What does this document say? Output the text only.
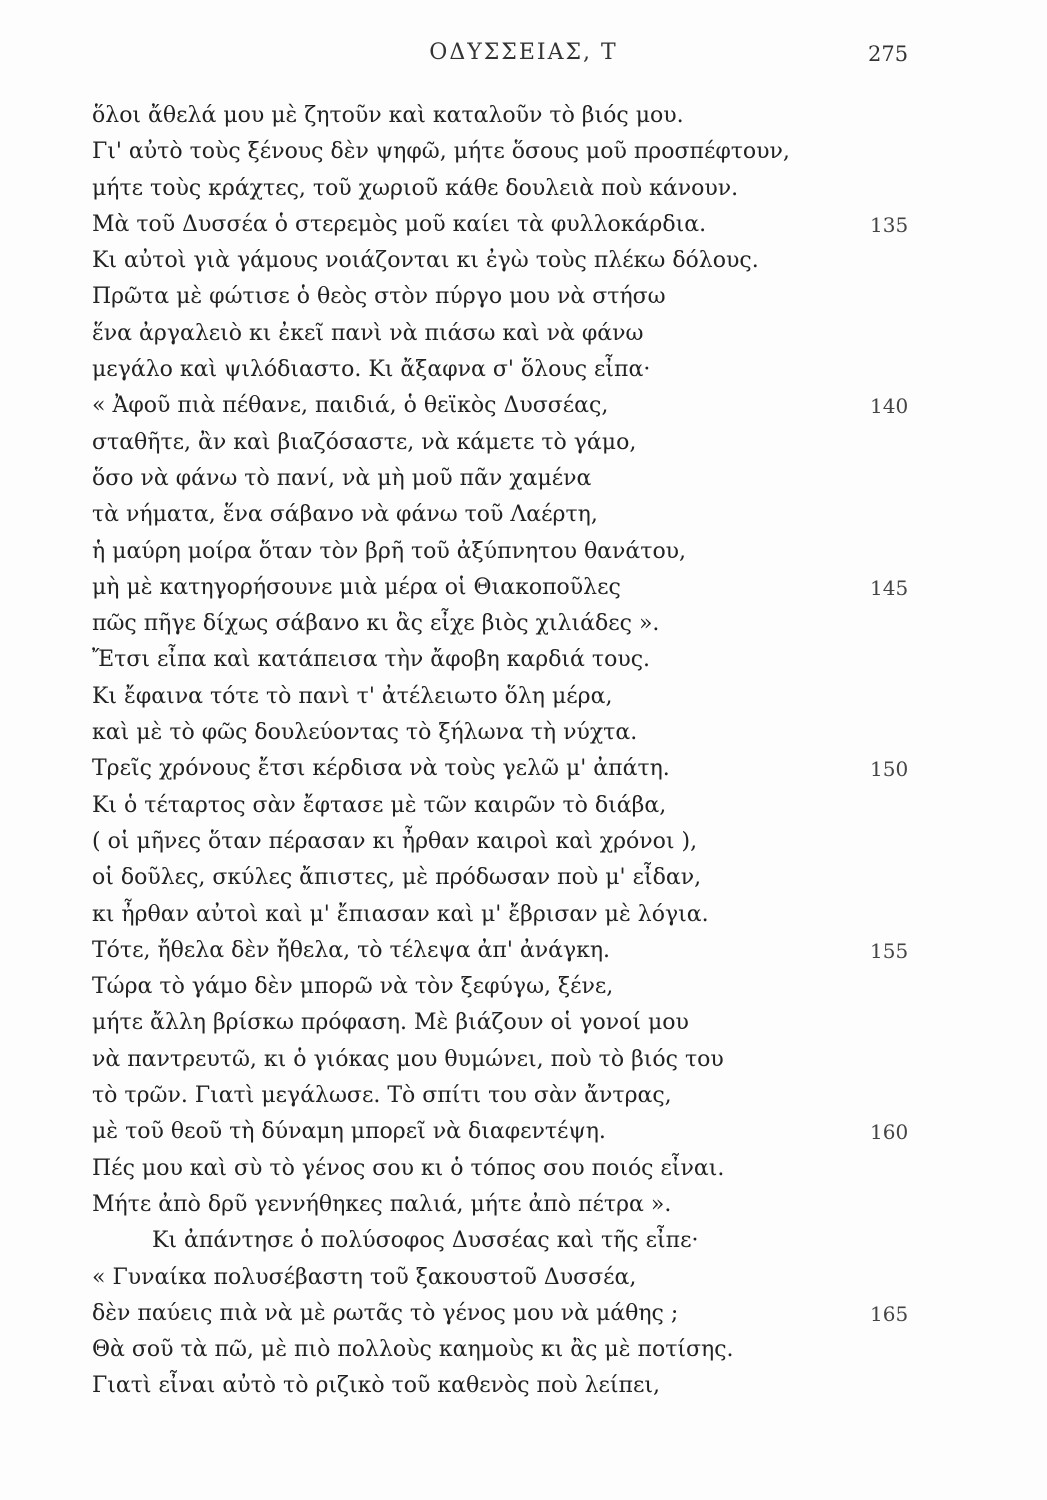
ΟΔΥΣΣΕΙΑΣ, Τ	275
ὅλοι ἄθελά μου μὲ ζητοῦν καὶ καταλοῦν τὸ βιός μου.
Γι' αὐτὸ τοὺς ξένους δὲν ψηφῶ, μήτε ὅσους μοῦ προσπέφτουν,
μήτε τοὺς κράχτες, τοῦ χωριοῦ κάθε δουλειὰ ποὺ κάνουν.
Μὰ τοῦ Δυσσέα ὁ στερεμὸς μοῦ καίει τὰ φυλλοκάρδια.	135
Κι αὐτοὶ γιὰ γάμους νοιάζονται κι ἐγὼ τοὺς πλέκω δόλους.
Πρῶτα μὲ φώτισε ὁ θεὸς στὸν πύργο μου νὰ στήσω
ἕνα ἀργαλειὸ κι ἐκεῖ πανὶ νὰ πιάσω καὶ νὰ φάνω
μεγάλο καὶ ψιλόδιαστο. Κι ἄξαφνα σ' ὅλους εἶπα·
« Ἀφοῦ πιὰ πέθανε, παιδιά, ὁ θεϊκὸς Δυσσέας,	140
σταθῆτε, ἂν καὶ βιαζόσαστε, νὰ κάμετε τὸ γάμο,
ὅσο νὰ φάνω τὸ πανί, νὰ μὴ μοῦ πᾶν χαμένα
τὰ νήματα, ἕνα σάβανο νὰ φάνω τοῦ Λαέρτη,
ἡ μαύρη μοίρα ὅταν τὸν βρῆ τοῦ ἀξύπνητου θανάτου,
μὴ μὲ κατηγορήσουνε μιὰ μέρα οἱ Θιακοποῦλες	145
πῶς πῆγε δίχως σάβανο κι ἂς εἶχε βιὸς χιλιάδες ».
Ἔτσι εἶπα καὶ κατάπεισα τὴν ἄφοβη καρδιά τους.
Κι ἔφαινα τότε τὸ πανὶ τ' ἀτέλειωτο ὅλη μέρα,
καὶ μὲ τὸ φῶς δουλεύοντας τὸ ξήλωνα τὴ νύχτα.
Τρεῖς χρόνους ἔτσι κέρδισα νὰ τοὺς γελῶ μ' ἀπάτη.	150
Κι ὁ τέταρτος σὰν ἔφτασε μὲ τῶν καιρῶν τὸ διάβα,
( οἱ μῆνες ὅταν πέρασαν κι ἦρθαν καιροὶ καὶ χρόνοι ),
οἱ δοῦλες, σκύλες ἄπιστες, μὲ πρόδωσαν ποὺ μ' εἶδαν,
κι ἦρθαν αὐτοὶ καὶ μ' ἔπιασαν καὶ μ' ἔβρισαν μὲ λόγια.
Τότε, ἤθελα δὲν ἤθελα, τὸ τέλεψα ἀπ' ἀνάγκη.	155
Τώρα τὸ γάμο δὲν μπορῶ νὰ τὸν ξεφύγω, ξένε,
μήτε ἄλλη βρίσκω πρόφαση. Μὲ βιάζουν οἱ γονοί μου
νὰ παντρευτῶ, κι ὁ γιόκας μου θυμώνει, ποὺ τὸ βιός του
τὸ τρῶν. Γιατὶ μεγάλωσε. Τὸ σπίτι του σὰν ἄντρας,
μὲ τοῦ θεοῦ τὴ δύναμη μπορεῖ νὰ διαφεντέψη.	160
Πές μου καὶ σὺ τὸ γένος σου κι ὁ τόπος σου ποιός εἶναι.
Μήτε ἀπὸ δρῦ γεννήθηκες παλιά, μήτε ἀπὸ πέτρα ».
Κι ἀπάντησε ὁ πολύσοφος Δυσσέας καὶ τῆς εἶπε·
« Γυναίκα πολυσέβαστη τοῦ ξακουστοῦ Δυσσέα,
δὲν παύεις πιὰ νὰ μὲ ρωτᾶς τὸ γένος μου νὰ μάθης ;	165
Θὰ σοῦ τὰ πῶ, μὲ πιὸ πολλοὺς καημοὺς κι ἂς μὲ ποτίσης.
Γιατὶ εἶναι αὐτὸ τὸ ριζικὸ τοῦ καθενὸς ποὺ λείπει,
